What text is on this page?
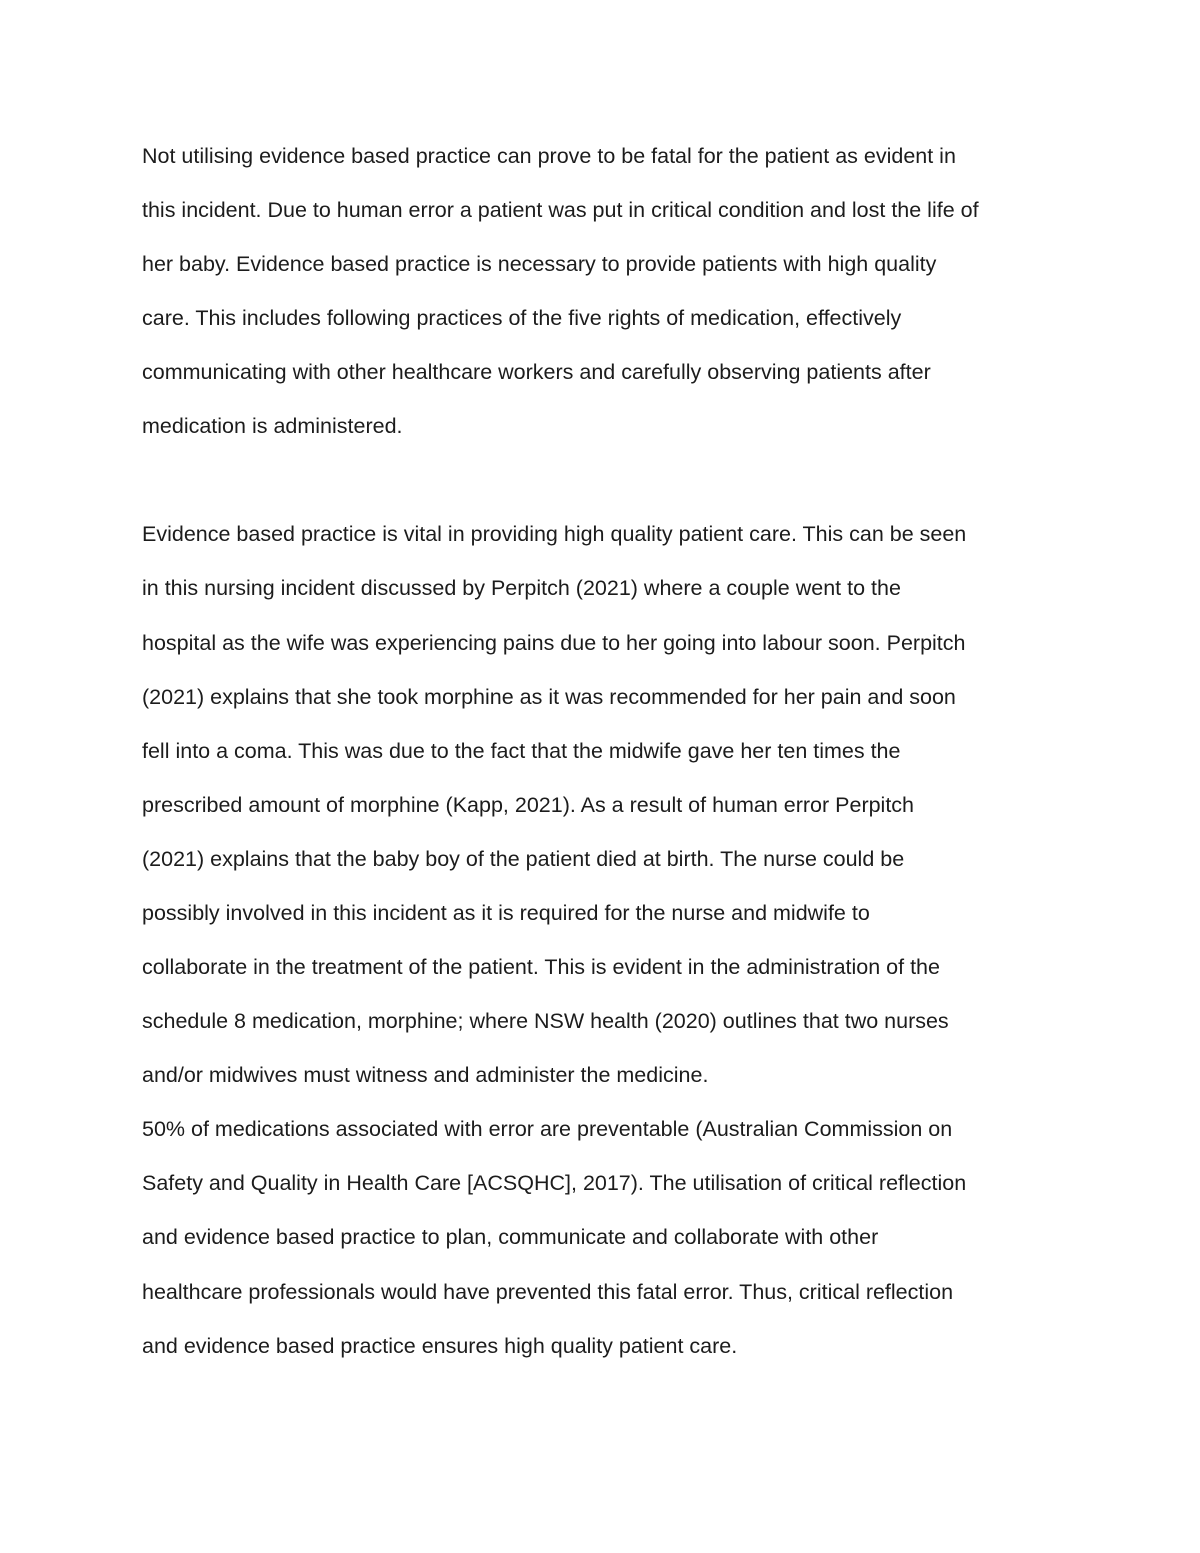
Not utilising evidence based practice can prove to be fatal for the patient as evident in

this incident. Due to human error a patient was put in critical condition and lost the life of

her baby. Evidence based practice is necessary to provide patients with high quality

care. This includes following practices of the five rights of medication, effectively

communicating with other healthcare workers and carefully observing patients after

medication is administered.

Evidence based practice is vital in providing high quality patient care. This can be seen

in this nursing incident discussed by Perpitch (2021) where a couple went to the

hospital as the wife was experiencing pains due to her going into labour soon. Perpitch

(2021) explains that she took morphine as it was recommended for her pain and soon

fell into a coma. This was due to the fact that the midwife gave her ten times the

prescribed amount of morphine (Kapp, 2021). As a result of human error Perpitch

(2021) explains that the baby boy of the patient died at birth. The nurse could be

possibly involved in this incident as it is required for the nurse and midwife to

collaborate in the treatment of the patient. This is evident in the administration of the

schedule 8 medication, morphine; where NSW health (2020) outlines that two nurses

and/or midwives must witness and administer the medicine.

50% of medications associated with error are preventable (Australian Commission on

Safety and Quality in Health Care [ACSQHC], 2017). The utilisation of critical reflection

and evidence based practice to plan, communicate and collaborate with other

healthcare professionals would have prevented this fatal error. Thus, critical reflection

and evidence based practice ensures high quality patient care.
